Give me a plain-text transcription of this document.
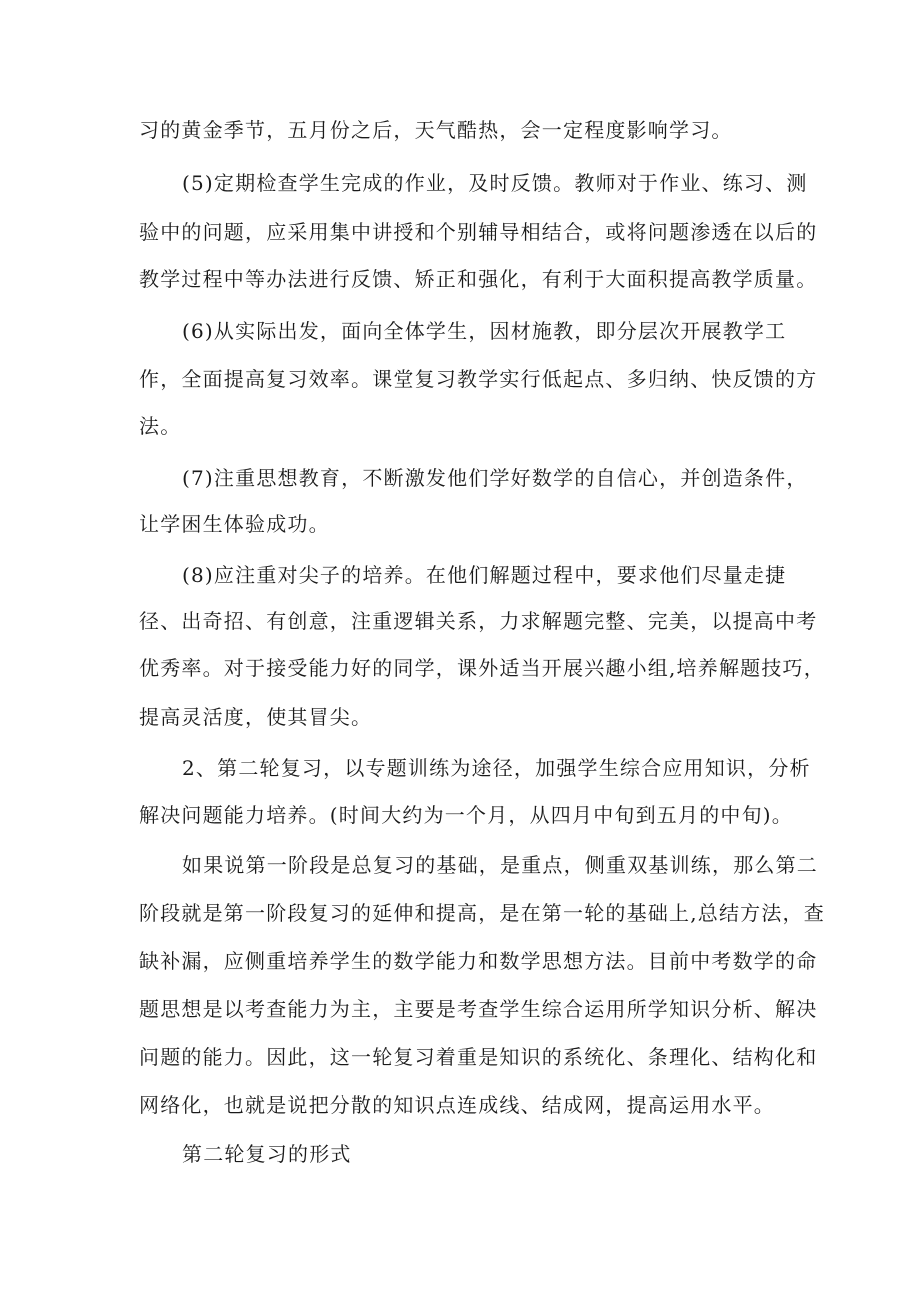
习的黄金季节，五月份之后，天气酷热，会一定程度影响学习。
(5)定期检查学生完成的作业，及时反馈。教师对于作业、练习、测
验中的问题，应采用集中讲授和个别辅导相结合，或将问题渗透在以后的
教学过程中等办法进行反馈、矫正和强化，有利于大面积提高教学质量。
(6)从实际出发，面向全体学生，因材施教，即分层次开展教学工
作，全面提高复习效率。课堂复习教学实行低起点、多归纳、快反馈的方
法。
(7)注重思想教育，不断激发他们学好数学的自信心，并创造条件，
让学困生体验成功。
(8)应注重对尖子的培养。在他们解题过程中，要求他们尽量走捷
径、出奇招、有创意，注重逻辑关系，力求解题完整、完美，以提高中考
优秀率。对于接受能力好的同学，课外适当开展兴趣小组,培养解题技巧，
提高灵活度，使其冒尖。
2、第二轮复习，以专题训练为途径，加强学生综合应用知识，分析
解决问题能力培养。(时间大约为一个月，从四月中旬到五月的中旬)。
如果说第一阶段是总复习的基础，是重点，侧重双基训练，那么第二
阶段就是第一阶段复习的延伸和提高，是在第一轮的基础上,总结方法，查
缺补漏，应侧重培养学生的数学能力和数学思想方法。目前中考数学的命
题思想是以考查能力为主，主要是考查学生综合运用所学知识分析、解决
问题的能力。因此，这一轮复习着重是知识的系统化、条理化、结构化和
网络化，也就是说把分散的知识点连成线、结成网，提高运用水平。
第二轮复习的形式
